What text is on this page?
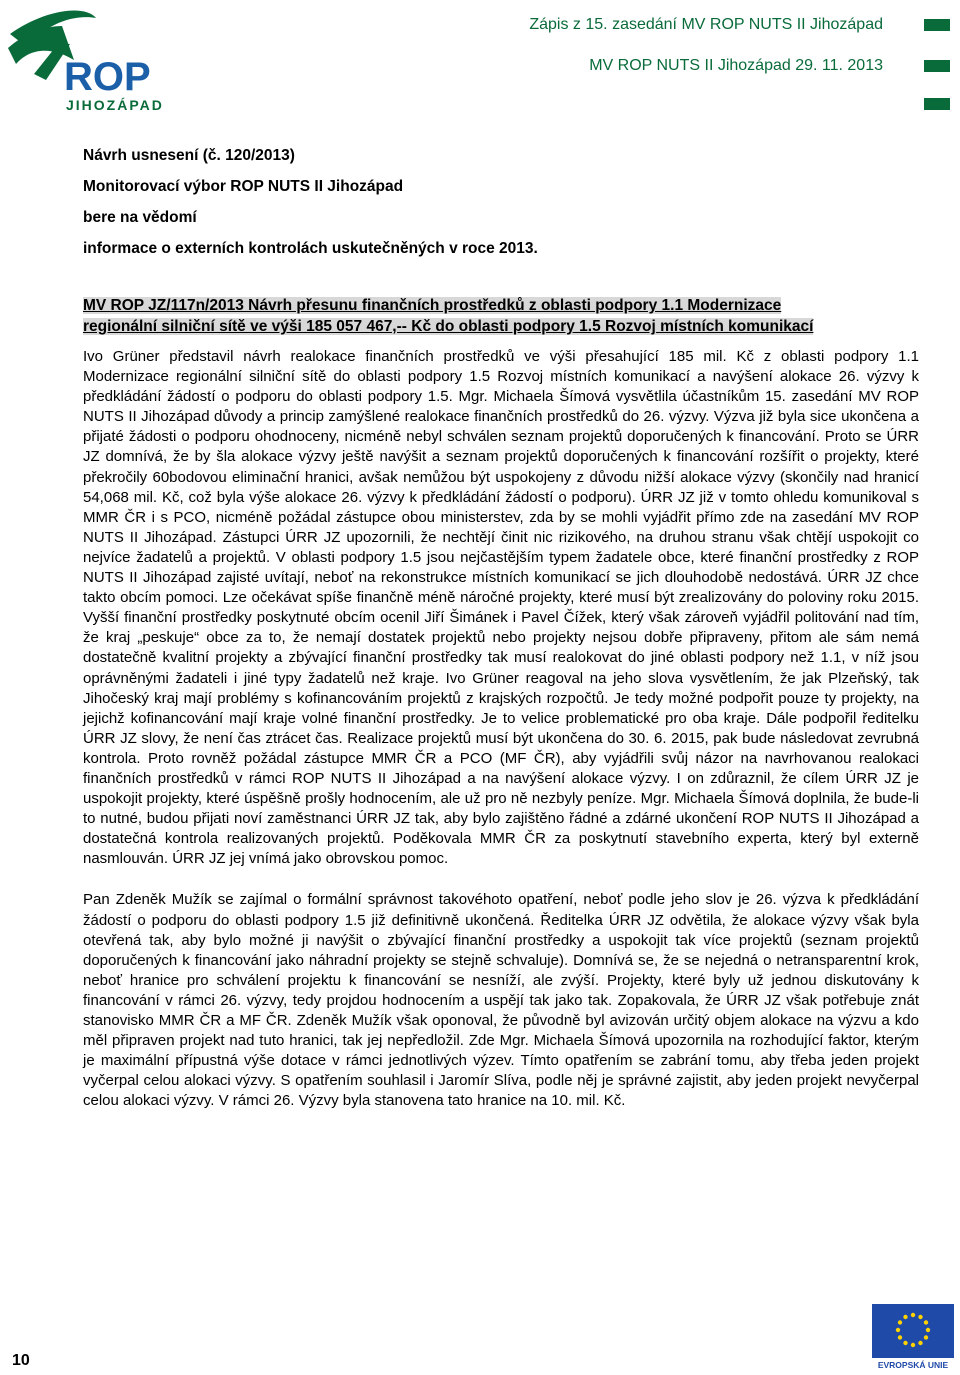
ROP
JIHOZÁPAD
Zápis z 15. zasedání MV ROP NUTS II Jihozápad
MV ROP NUTS II Jihozápad 29. 11. 2013
Návrh usnesení (č. 120/2013)
Monitorovací výbor ROP NUTS II Jihozápad
bere na vědomí
informace o externích kontrolách uskutečněných v roce 2013.
MV ROP JZ/117n/2013 Návrh přesunu finančních prostředků z oblasti podpory 1.1 Modernizace
regionální silniční sítě ve výši 185 057 467,-- Kč do oblasti podpory 1.5 Rozvoj místních komunikací

Ivo Grüner představil návrh realokace finančních prostředků ve výši přesahující 185 mil. Kč z oblasti podpory 1.1 Modernizace regionální silniční sítě do oblasti podpory 1.5 Rozvoj místních komunikací a navýšení alokace 26. výzvy k předkládání žádostí o podporu do oblasti podpory 1.5. Mgr. Michaela Šímová vysvětlila účastníkům 15. zasedání MV ROP NUTS II Jihozápad důvody a princip zamýšlené realokace finančních prostředků do 26. výzvy. Výzva již byla sice ukončena a přijaté žádosti o podporu ohodnoceny, nicméně nebyl schválen seznam projektů doporučených k financování. Proto se ÚRR JZ domnívá, že by šla alokace výzvy ještě navýšit a seznam projektů doporučených k financování rozšířit o projekty, které překročily 60bodovou eliminační hranici, avšak nemůžou být uspokojeny z důvodu nižší alokace výzvy (skončily nad hranicí 54,068 mil. Kč, což byla výše alokace 26. výzvy k předkládání žádostí o podporu). ÚRR JZ již v tomto ohledu komunikoval s MMR ČR i s PCO, nicméně požádal zástupce obou ministerstev, zda by se mohli vyjádřit přímo zde na zasedání MV ROP NUTS II Jihozápad. Zástupci ÚRR JZ upozornili, že nechtějí činit nic rizikového, na druhou stranu však chtějí uspokojit co nejvíce žadatelů a projektů. V oblasti podpory 1.5 jsou nejčastějším typem žadatele obce, které finanční prostředky z ROP NUTS II Jihozápad zajisté uvítají, neboť na rekonstrukce místních komunikací se jich dlouhodobě nedostává. ÚRR JZ chce takto obcím pomoci. Lze očekávat spíše finančně méně náročné projekty, které musí být zrealizovány do poloviny roku 2015. Vyšší finanční prostředky poskytnuté obcím ocenil Jiří Šimánek i Pavel Čížek, který však zároveň vyjádřil politování nad tím, že kraj „peskuje“ obce za to, že nemají dostatek projektů nebo projekty nejsou dobře připraveny, přitom ale sám nemá dostatečně kvalitní projekty a zbývající finanční prostředky tak musí realokovat do jiné oblasti podpory než 1.1, v níž jsou oprávněnými žadateli i jiné typy žadatelů než kraje. Ivo Grüner reagoval na jeho slova vysvětlením, že jak Plzeňský, tak Jihočeský kraj mají problémy s kofinancováním projektů z krajských rozpočtů. Je tedy možné podpořit pouze ty projekty, na jejichž kofinancování mají kraje volné finanční prostředky. Je to velice problematické pro oba kraje. Dále podpořil ředitelku ÚRR JZ slovy, že není čas ztrácet čas. Realizace projektů musí být ukončena do 30. 6. 2015, pak bude následovat zevrubná kontrola. Proto rovněž požádal zástupce MMR ČR a PCO (MF ČR), aby vyjádřili svůj názor na navrhovanou realokaci finančních prostředků v rámci ROP NUTS II Jihozápad a na navýšení alokace výzvy. I on zdůraznil, že cílem ÚRR JZ je uspokojit projekty, které úspěšně prošly hodnocením, ale už pro ně nezbyly peníze. Mgr. Michaela Šímová doplnila, že bude-li to nutné, budou přijati noví zaměstnanci ÚRR JZ tak, aby bylo zajištěno řádné a zdárné ukončení ROP NUTS II Jihozápad a dostatečná kontrola realizovaných projektů. Poděkovala MMR ČR za poskytnutí stavebního experta, který byl externě nasmlouván. ÚRR JZ jej vnímá jako obrovskou pomoc.

Pan Zdeněk Mužík se zajímal o formální správnost takovéhoto opatření, neboť podle jeho slov je 26. výzva k předkládání žádostí o podporu do oblasti podpory 1.5 již definitivně ukončená. Ředitelka ÚRR JZ odvětila, že alokace výzvy však byla otevřená tak, aby bylo možné ji navýšit o zbývající finanční prostředky a uspokojit tak více projektů (seznam projektů doporučených k financování jako náhradní projekty se stejně schvaluje). Domnívá se, že se nejedná o netransparentní krok, neboť hranice pro schválení projektu k financování se nesníží, ale zvýší. Projekty, které byly už jednou diskutovány k financování v rámci 26. výzvy, tedy projdou hodnocením a uspějí tak jako tak. Zopakovala, že ÚRR JZ však potřebuje znát stanovisko MMR ČR a MF ČR. Zdeněk Mužík však oponoval, že původně byl avizován určitý objem alokace na výzvu a kdo měl připraven projekt nad tuto hranici, tak jej nepředložil. Zde Mgr. Michaela Šímová upozornila na rozhodující faktor, kterým je maximální přípustná výše dotace v rámci jednotlivých výzev. Tímto opatřením se zabrání tomu, aby třeba jeden projekt vyčerpal celou alokaci výzvy. S opatřením souhlasil i Jaromír Slíva, podle něj je správné zajistit, aby jeden projekt nevyčerpal celou alokaci výzvy. V rámci 26. Výzvy byla stanovena tato hranice na 10. mil. Kč.

10	EVROPSKÁ UNIE
